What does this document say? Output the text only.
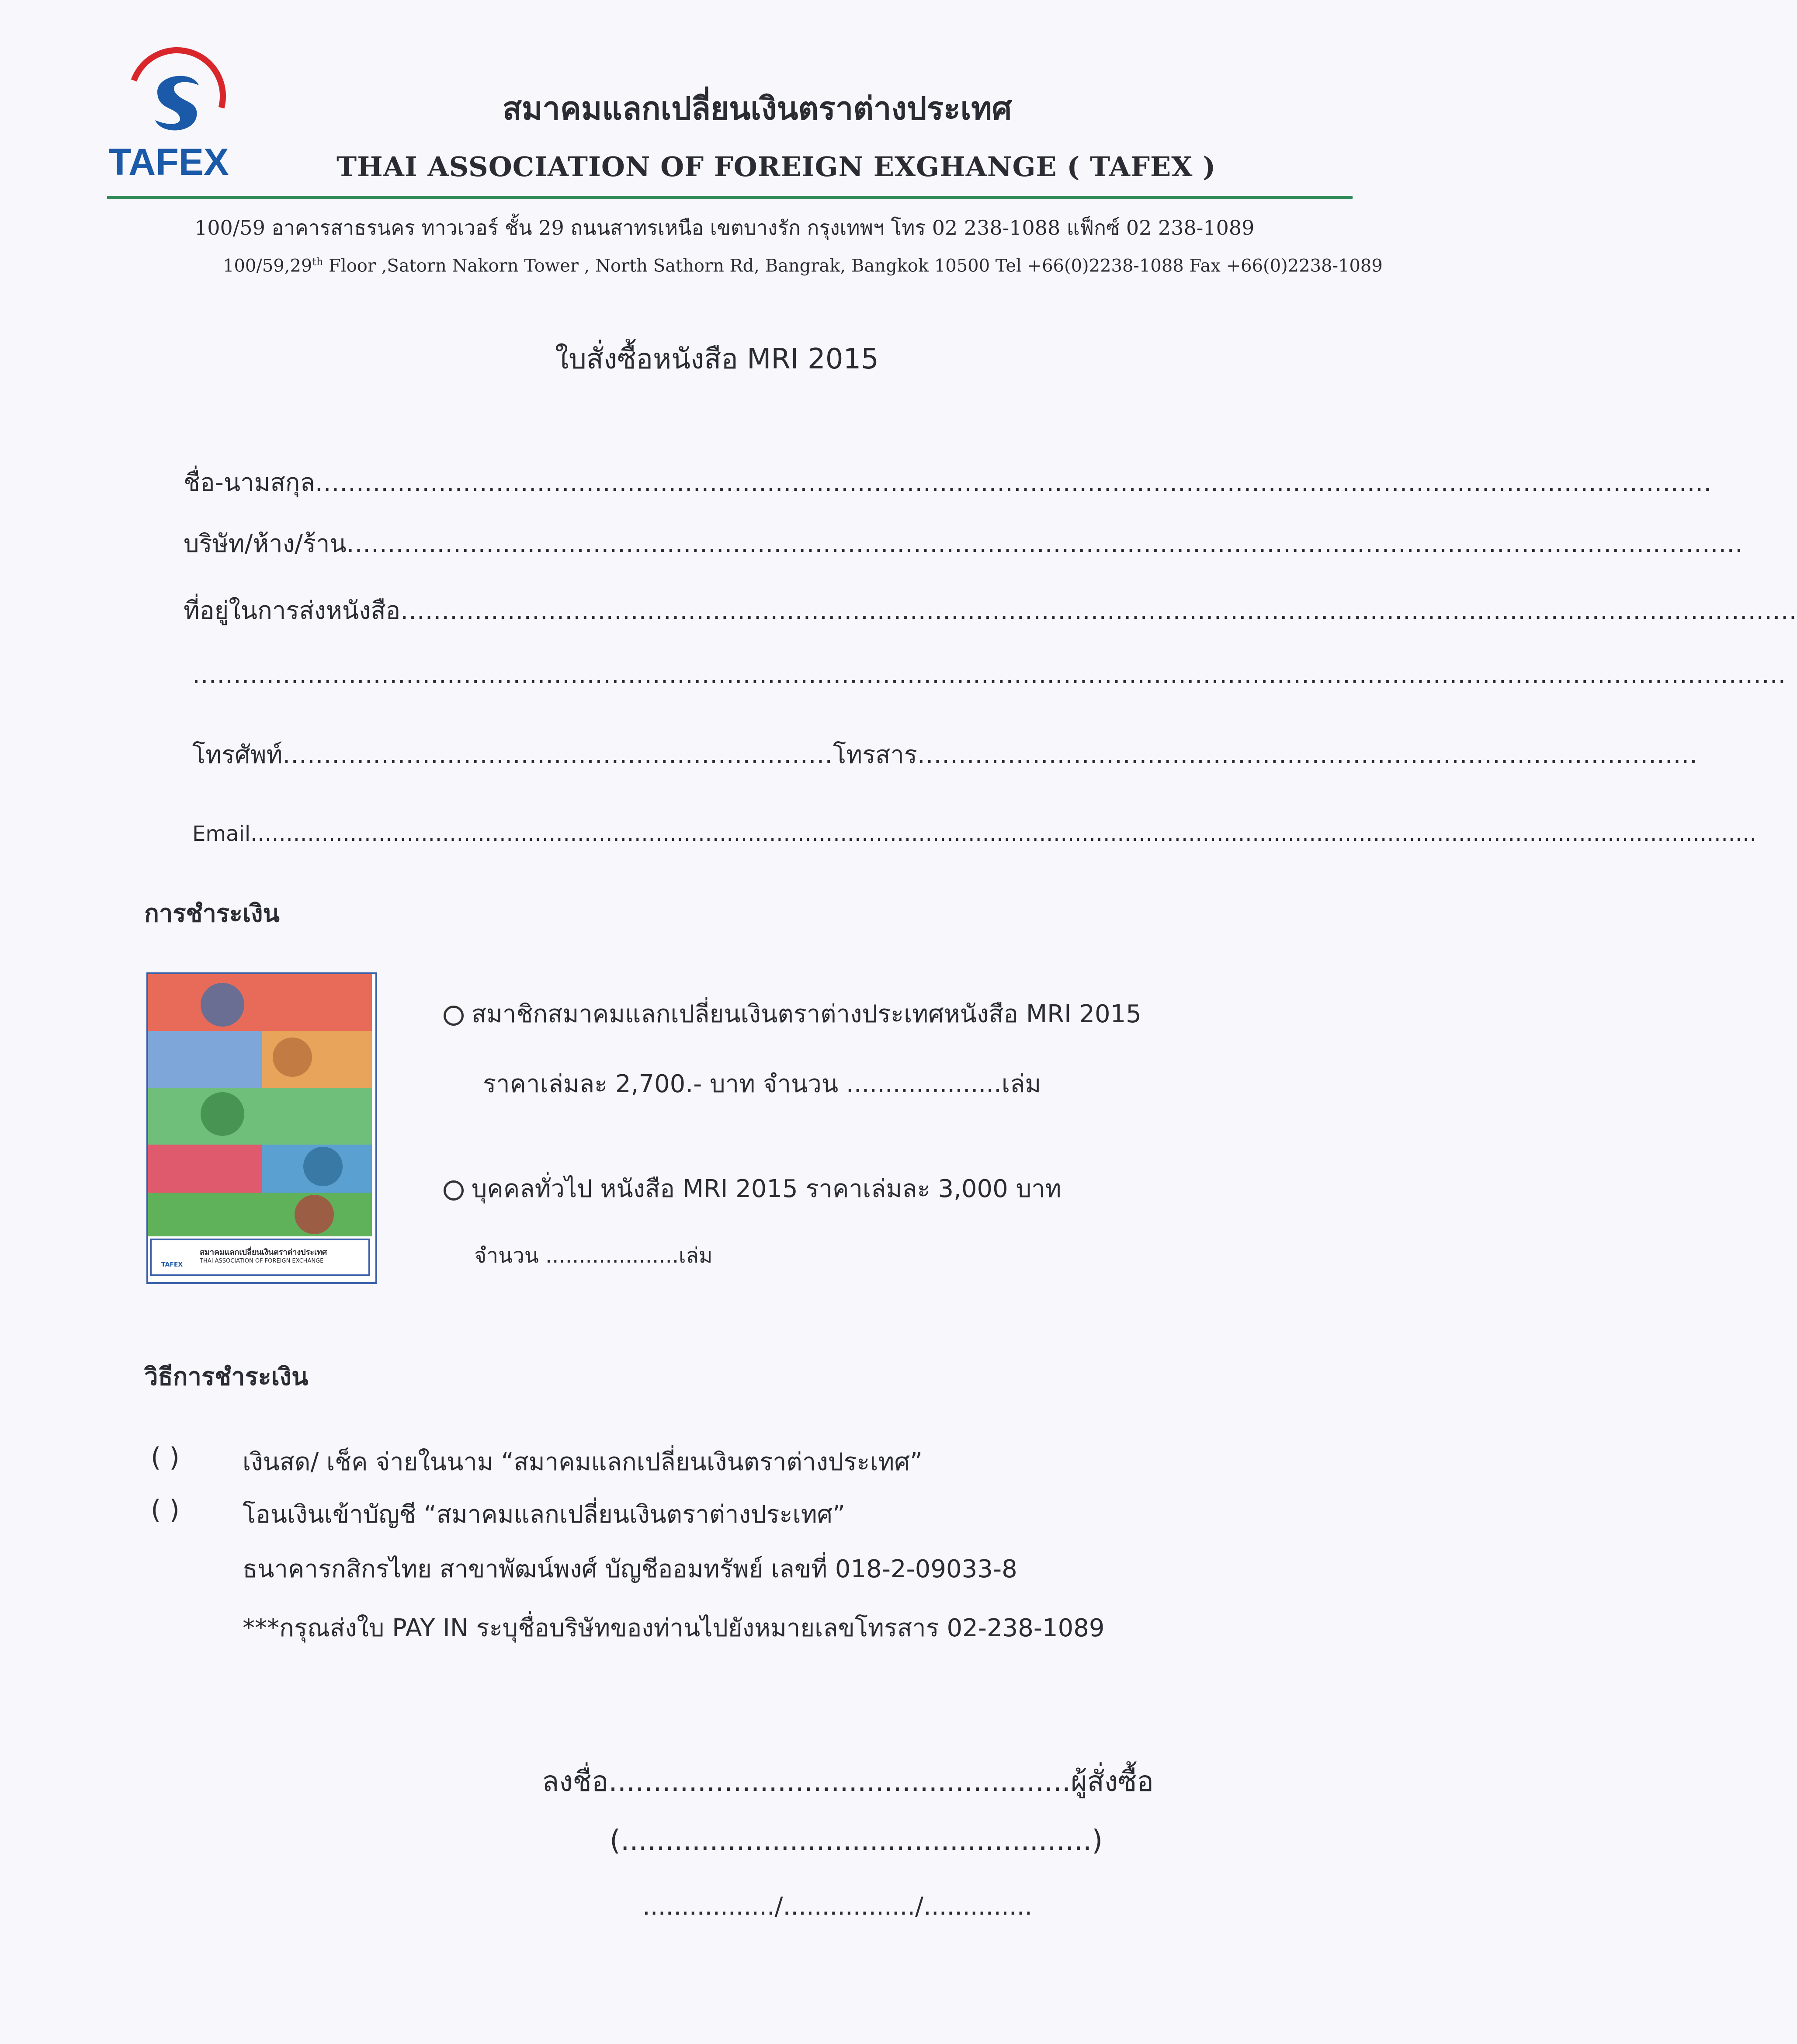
TAFEX
สมาคมแลกเปลี่ยนเงินตราต่างประเทศ
THAI ASSOCIATION OF FOREIGN EXGHANGE ( TAFEX )
100/59 อาคารสาธรนคร ทาวเวอร์ ชั้น 29 ถนนสาทรเหนือ เขตบางรัก กรุงเทพฯ โทร 02 238-1088 แฟ็กซ์ 02 238-1089
100/59,29th Floor ,Satorn Nakorn Tower , North Sathorn Rd, Bangrak, Bangkok 10500 Tel +66(0)2238-1088 Fax +66(0)2238-1089
ใบสั่งซื้อหนังสือ MRI 2015
ชื่อ-นามสกุล..........................................................................................................................................................................
บริษัท/ห้าง/ร้าน..........................................................................................................................................................................
ที่อยู่ในการส่งหนังสือ..........................................................................................................................................................................
..................................................................................................................................................................................................
โทรศัพท์...................................................................โทรสาร...............................................................................................
Email....................................................................................................................................................................................................................
การชำระเงิน
สมาคมแลกเปลี่ยนเงินตราต่างประเทศ
THAI ASSOCIATION OF FOREIGN EXCHANGE
TAFEX
สมาชิกสมาคมแลกเปลี่ยนเงินตราต่างประเทศหนังสือ MRI 2015
ราคาเล่มละ 2,700.- บาท จำนวน ....................เล่ม
บุคคลทั่วไป หนังสือ MRI 2015 ราคาเล่มละ 3,000 บาท
จำนวน ....................เล่ม
วิธีการชำระเงิน
( )	เงินสด/ เช็ค จ่ายในนาม “สมาคมแลกเปลี่ยนเงินตราต่างประเทศ”
( )	โอนเงินเข้าบัญชี “สมาคมแลกเปลี่ยนเงินตราต่างประเทศ”
ธนาคารกสิกรไทย สาขาพัฒน์พงศ์ บัญชีออมทรัพย์ เลขที่ 018-2-09033-8
***กรุณส่งใบ PAY IN ระบุชื่อบริษัทของท่านไปยังหมายเลขโทรสาร 02-238-1089
ลงชื่อ....................................................ผู้สั่งซื้อ
(.....................................................)
................./................./..............
